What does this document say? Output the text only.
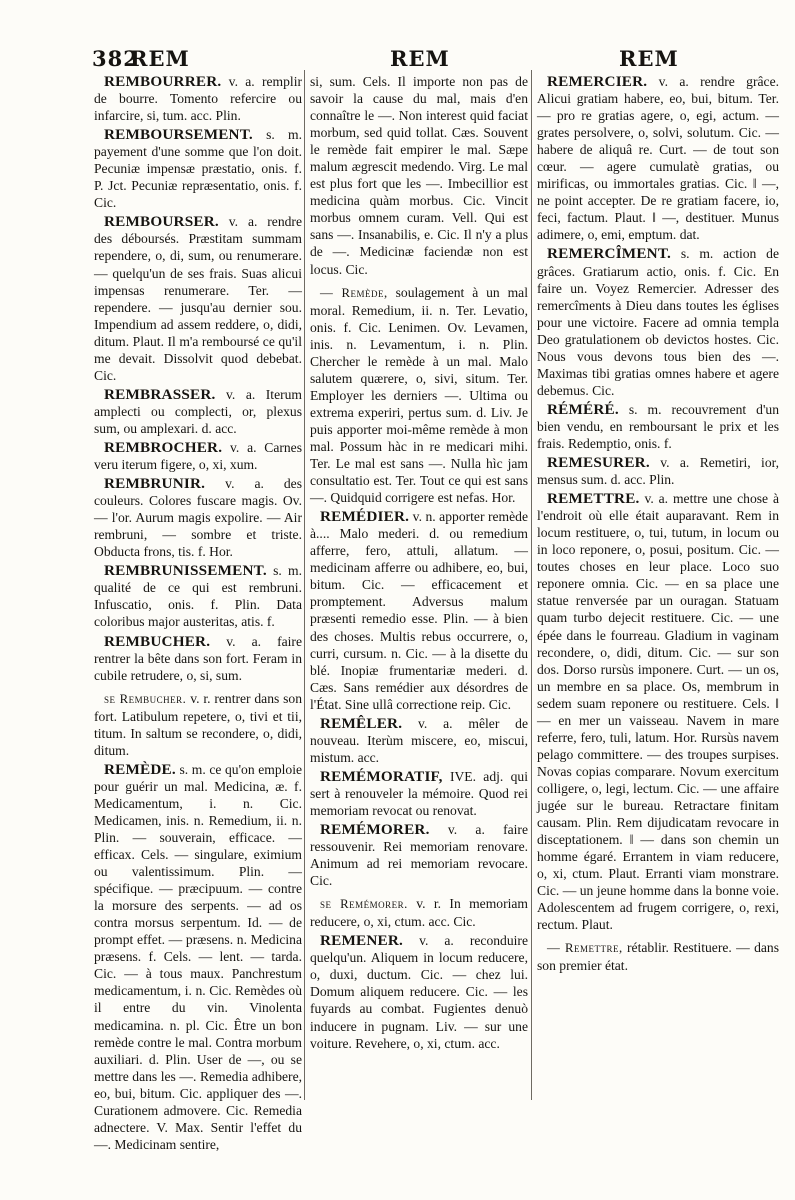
382
REM	REM	REM

REMBOURRER. v. a. remplir de bourre. Tomento refercire ou infarcire, si, tum. acc. Plin.

REMBOURSEMENT. s. m. payement d'une somme que l'on doit. Pecuniæ impensæ præstatio, onis. f. P. Jct. Pecuniæ repræsentatio, onis. f. Cic.

REMBOURSER. v. a. rendre des déboursés. Præstitam summam rependere, o, di, sum, ou renumerare. — quelqu'un de ses frais. Suas alicui impensas renumerare. Ter. — rependere. — jusqu'au dernier sou. Impendium ad assem reddere, o, didi, ditum. Plaut. Il m'a remboursé ce qu'il me devait. Dissolvit quod debebat. Cic.

REMBRASSER. v. a. Iterum amplecti ou complecti, or, plexus sum, ou amplexari. d. acc.

REMBROCHER. v. a. Carnes veru iterum figere, o, xi, xum.

REMBRUNIR. v. a. des couleurs. Colores fuscare magis. Ov. — l'or. Aurum magis expolire. — Air rembruni, — sombre et triste. Obducta frons, tis. f. Hor.

REMBRUNISSEMENT. s. m. qualité de ce qui est rembruni. Infuscatio, onis. f. Plin. Data coloribus major austeritas, atis. f.

REMBUCHER. v. a. faire rentrer la bête dans son fort. Feram in cubile retrudere, o, si, sum.

se Rembucher. v. r. rentrer dans son fort. Latibulum repetere, o, tivi et tii, titum. In saltum se recondere, o, didi, ditum.

REMÈDE. s. m. ce qu'on emploie pour guérir un mal. Medicina, æ. f. Medicamentum, i. n. Cic. Medicamen, inis. n. Remedium, ii. n. Plin. — souverain, efficace. — efficax. Cels. — singulare, eximium ou valentissimum. Plin. — spécifique. — præcipuum. — contre la morsure des serpents. — ad os contra morsus serpentum. Id. — de prompt effet. — præsens. n. Medicina præsens. f. Cels. — lent. — tarda. Cic. — à tous maux. Panchrestum medicamentum, i. n. Cic. Remèdes où il entre du vin. Vinolenta medicamina. n. pl. Cic. Être un bon remède contre le mal. Contra morbum auxiliari. d. Plin. User de —, ou se mettre dans les —. Remedia adhibere, eo, bui, bitum. Cic. appliquer des —. Curationem admovere. Cic. Remedia adnectere. V. Max. Sentir l'effet du —. Medicinam sentire,

si, sum. Cels. Il importe non pas de savoir la cause du mal, mais d'en connaître le —. Non interest quid faciat morbum, sed quid tollat. Cæs. Souvent le remède fait empirer le mal. Sæpe malum ægrescit medendo. Virg. Le mal est plus fort que les —. Imbecillior est medicina quàm morbus. Cic. Vincit morbus omnem curam. Vell. Qui est sans —. Insanabilis, e. Cic. Il n'y a plus de —. Medicinæ faciendæ non est locus. Cic.

— Remède, soulagement à un mal moral. Remedium, ii. n. Ter. Levatio, onis. f. Cic. Lenimen. Ov. Levamen, inis. n. Levamentum, i. n. Plin. Chercher le remède à un mal. Malo salutem quærere, o, sivi, situm. Ter. Employer les derniers —. Ultima ou extrema experiri, pertus sum. d. Liv. Je puis apporter moi-même remède à mon mal. Possum hàc in re medicari mihi. Ter. Le mal est sans —. Nulla hìc jam consultatio est. Ter. Tout ce qui est sans —. Quidquid corrigere est nefas. Hor.

REMÉDIER. v. n. apporter remède à.... Malo mederi. d. ou remedium afferre, fero, attuli, allatum. — medicinam afferre ou adhibere, eo, bui, bitum. Cic. — efficacement et promptement. Adversus malum præsenti remedio esse. Plin. — à bien des choses. Multis rebus occurrere, o, curri, cursum. n. Cic. — à la disette du blé. Inopiæ frumentariæ mederi. d. Cæs. Sans remédier aux désordres de l'État. Sine ullâ correctione reip. Cic.

REMÊLER. v. a. mêler de nouveau. Iterùm miscere, eo, miscui, mistum. acc.

REMÉMORATIF, IVE. adj. qui sert à renouveler la mémoire. Quod rei memoriam revocat ou renovat.

REMÉMORER. v. a. faire ressouvenir. Rei memoriam renovare. Animum ad rei memoriam revocare. Cic.

se Remémorer. v. r. In memoriam reducere, o, xi, ctum. acc. Cic.

REMENER. v. a. reconduire quelqu'un. Aliquem in locum reducere, o, duxi, ductum. Cic. — chez lui. Domum aliquem reducere. Cic. — les fuyards au combat. Fugientes denuò inducere in pugnam. Liv. — sur une voiture. Revehere, o, xi, ctum. acc.

REMERCIER. v. a. rendre grâce. Alicui gratiam habere, eo, bui, bitum. Ter. — pro re gratias agere, o, egi, actum. — grates persolvere, o, solvi, solutum. Cic. — habere de aliquâ re. Curt. — de tout son cœur. — agere cumulatè gratias, ou mirificas, ou immortales gratias. Cic. ‖ —, ne point accepter. De re gratiam facere, io, feci, factum. Plaut. ‖ —, destituer. Munus adimere, o, emi, emptum. dat.

REMERCÎMENT. s. m. action de grâces. Gratiarum actio, onis. f. Cic. En faire un. Voyez Remercier. Adresser des remercîments à Dieu dans toutes les églises pour une victoire. Facere ad omnia templa Deo gratulationem ob devictos hostes. Cic. Nous vous devons tous bien des —. Maximas tibi gratias omnes habere et agere debemus. Cic.

RÉMÉRÉ. s. m. recouvrement d'un bien vendu, en remboursant le prix et les frais. Redemptio, onis. f.

REMESURER. v. a. Remetiri, ior, mensus sum. d. acc. Plin.

REMETTRE. v. a. mettre une chose à l'endroit où elle était auparavant. Rem in locum restituere, o, tui, tutum, in locum ou in loco reponere, o, posui, positum. Cic. — toutes choses en leur place. Loco suo reponere omnia. Cic. — en sa place une statue renversée par un ouragan. Statuam quam turbo dejecit restituere. Cic. — une épée dans le fourreau. Gladium in vaginam recondere, o, didi, ditum. Cic. — sur son dos. Dorso rursùs imponere. Curt. — un os, un membre en sa place. Os, membrum in sedem suam reponere ou restituere. Cels. ‖ — en mer un vaisseau. Navem in mare referre, fero, tuli, latum. Hor. Rursùs navem pelago committere. — des troupes surpises. Novas copias comparare. Novum exercitum colligere, o, legi, lectum. Cic. — une affaire jugée sur le bureau. Retractare finitam causam. Plin. Rem dijudicatam revocare in disceptationem. ‖ — dans son chemin un homme égaré. Errantem in viam reducere, o, xi, ctum. Plaut. Erranti viam monstrare. Cic. — un jeune homme dans la bonne voie. Adolescentem ad frugem corrigere, o, rexi, rectum. Plaut.

— Remettre, rétablir. Restituere. — dans son premier état.
